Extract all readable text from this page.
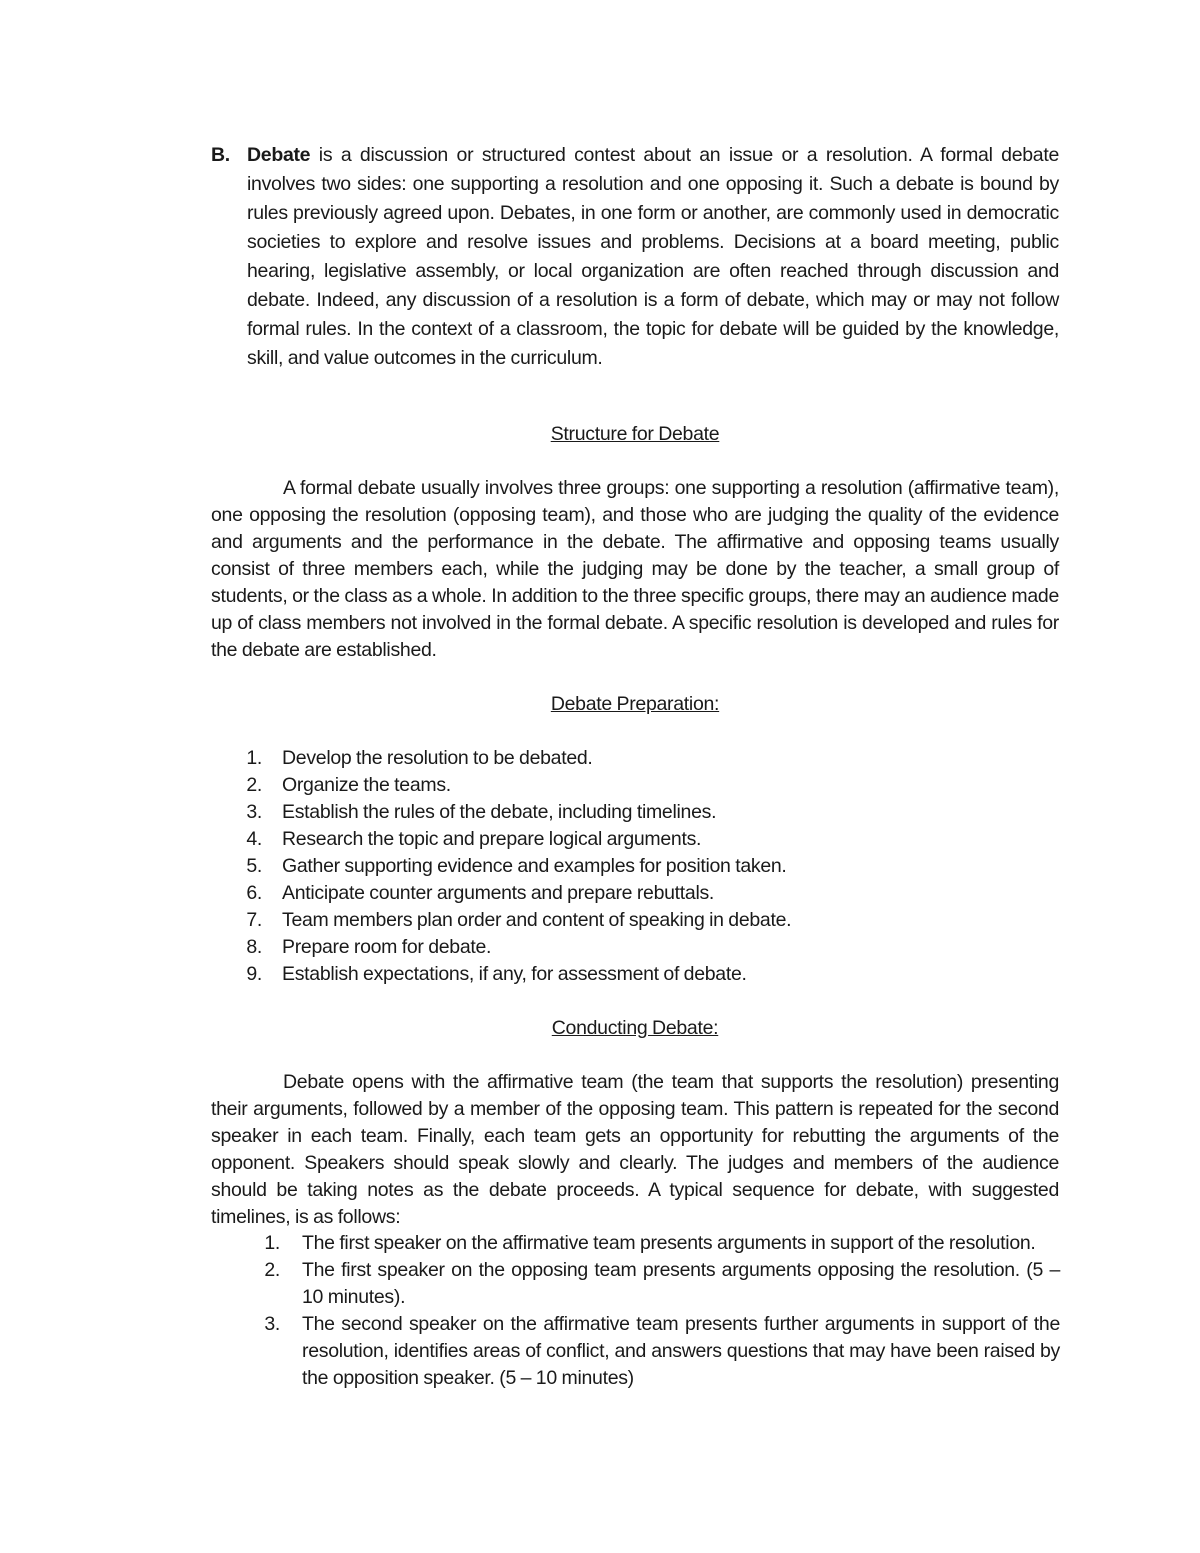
B. Debate is a discussion or structured contest about an issue or a resolution. A formal debate involves two sides: one supporting a resolution and one opposing it. Such a debate is bound by rules previously agreed upon. Debates, in one form or another, are commonly used in democratic societies to explore and resolve issues and problems. Decisions at a board meeting, public hearing, legislative assembly, or local organization are often reached through discussion and debate. Indeed, any discussion of a resolution is a form of debate, which may or may not follow formal rules. In the context of a classroom, the topic for debate will be guided by the knowledge, skill, and value outcomes in the curriculum.
Structure for Debate
A formal debate usually involves three groups: one supporting a resolution (affirmative team), one opposing the resolution (opposing team), and those who are judging the quality of the evidence and arguments and the performance in the debate. The affirmative and opposing teams usually consist of three members each, while the judging may be done by the teacher, a small group of students, or the class as a whole. In addition to the three specific groups, there may an audience made up of class members not involved in the formal debate. A specific resolution is developed and rules for the debate are established.
Debate Preparation:
1. Develop the resolution to be debated.
2. Organize the teams.
3. Establish the rules of the debate, including timelines.
4. Research the topic and prepare logical arguments.
5. Gather supporting evidence and examples for position taken.
6. Anticipate counter arguments and prepare rebuttals.
7. Team members plan order and content of speaking in debate.
8. Prepare room for debate.
9. Establish expectations, if any, for assessment of debate.
Conducting Debate:
Debate opens with the affirmative team (the team that supports the resolution) presenting their arguments, followed by a member of the opposing team. This pattern is repeated for the second speaker in each team. Finally, each team gets an opportunity for rebutting the arguments of the opponent. Speakers should speak slowly and clearly. The judges and members of the audience should be taking notes as the debate proceeds. A typical sequence for debate, with suggested timelines, is as follows:
1. The first speaker on the affirmative team presents arguments in support of the resolution.
2. The first speaker on the opposing team presents arguments opposing the resolution. (5 – 10 minutes).
3. The second speaker on the affirmative team presents further arguments in support of the resolution, identifies areas of conflict, and answers questions that may have been raised by the opposition speaker. (5 – 10 minutes)
